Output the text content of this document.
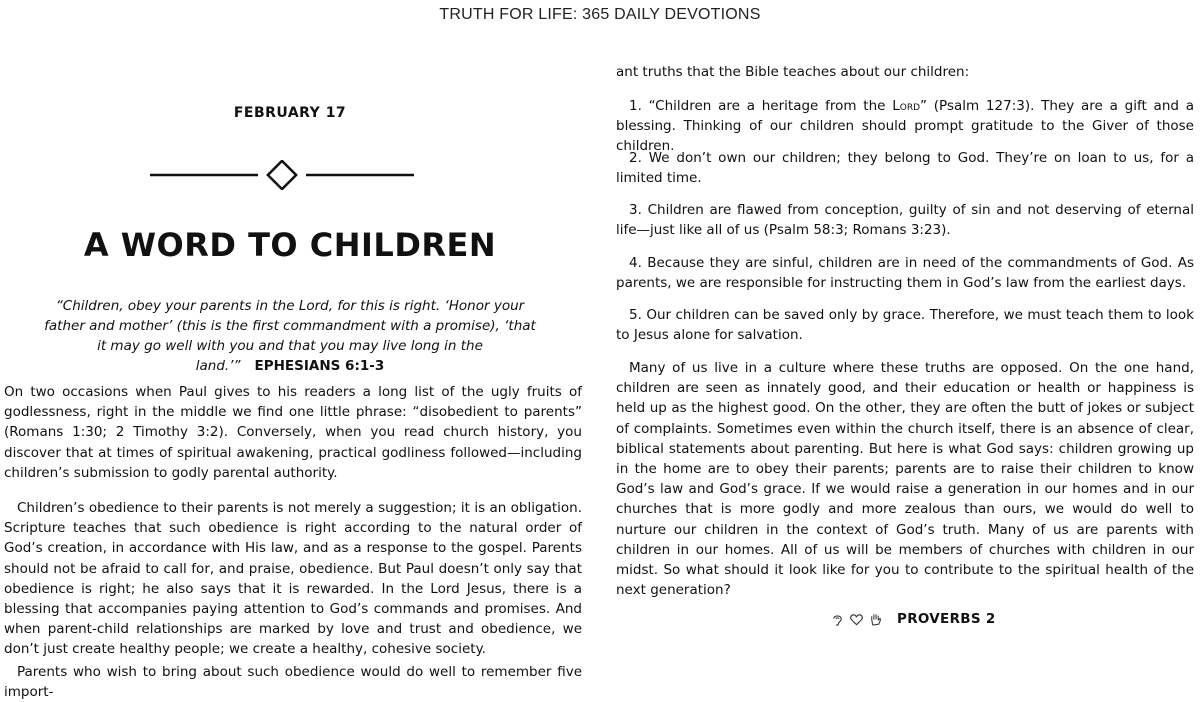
TRUTH FOR LIFE: 365 DAILY DEVOTIONS
FEBRUARY 17
A WORD TO CHILDREN
“Children, obey your parents in the Lord, for this is right. ‘Honor your father and mother’ (this is the first commandment with a promise), ‘that it may go well with you and that you may live long in the land.’” EPHESIANS 6:1-3

On two occasions when Paul gives to his readers a long list of the ugly fruits of godlessness, right in the middle we find one little phrase: “disobedient to parents” (Romans 1:30; 2 Timothy 3:2). Conversely, when you read church history, you discover that at times of spiritual awakening, practical godliness followed—including children’s submission to godly parental authority.

Children’s obedience to their parents is not merely a suggestion; it is an obligation. Scripture teaches that such obedience is right according to the natural order of God’s creation, in accordance with His law, and as a response to the gospel. Parents should not be afraid to call for, and praise, obedience. But Paul doesn’t only say that obedience is right; he also says that it is rewarded. In the Lord Jesus, there is a blessing that accompanies paying attention to God’s commands and promises. And when parent-child relationships are marked by love and trust and obedience, we don’t just create healthy people; we create a healthy, cohesive society.

Parents who wish to bring about such obedience would do well to remember five import-

ant truths that the Bible teaches about our children:

1. “Children are a heritage from the Lord” (Psalm 127:3). They are a gift and a blessing. Thinking of our children should prompt gratitude to the Giver of those children.

2. We don’t own our children; they belong to God. They’re on loan to us, for a limited time.

3. Children are flawed from conception, guilty of sin and not deserving of eternal life—just like all of us (Psalm 58:3; Romans 3:23).

4. Because they are sinful, children are in need of the commandments of God. As parents, we are responsible for instructing them in God’s law from the earliest days.

5. Our children can be saved only by grace. Therefore, we must teach them to look to Jesus alone for salvation.

Many of us live in a culture where these truths are opposed. On the one hand, children are seen as innately good, and their education or health or happiness is held up as the highest good. On the other, they are often the butt of jokes or subject of complaints. Sometimes even within the church itself, there is an absence of clear, biblical statements about parenting. But here is what God says: children growing up in the home are to obey their parents; parents are to raise their children to know God’s law and God’s grace. If we would raise a generation in our homes and in our churches that is more godly and more zealous than ours, we would do well to nurture our children in the context of God’s truth. Many of us are parents with children in our homes. All of us will be members of churches with children in our midst. So what should it look like for you to contribute to the spiritual health of the next generation?

PROVERBS 2
